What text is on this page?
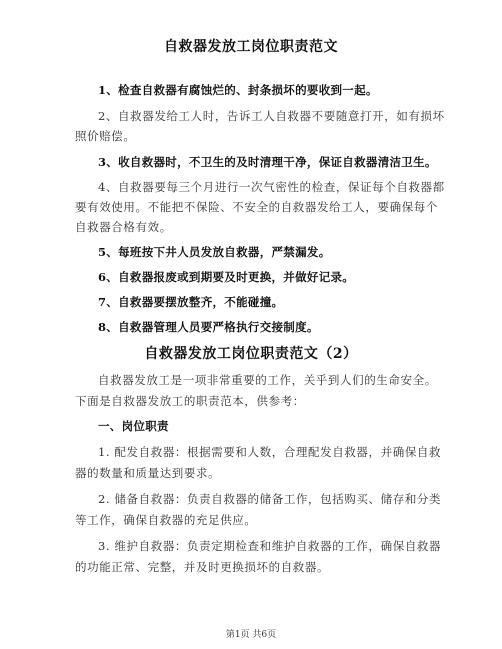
自救器发放工岗位职责范文
1、检查自救器有腐蚀烂的、封条损坏的要收到一起。
2、自救器发给工人时，告诉工人自救器不要随意打开，如有损坏
照价赔偿。
3、收自救器时，不卫生的及时清理干净，保证自救器清洁卫生。
4、自救器要每三个月进行一次气密性的检查，保证每个自救器都
要有效使用。不能把不保险、不安全的自救器发给工人，要确保每个
自救器合格有效。
5、每班按下井人员发放自救器，严禁漏发。
6、自救器报废或到期要及时更换，并做好记录。
7、自救器要摆放整齐，不能碰撞。
8、自救器管理人员要严格执行交接制度。
自救器发放工岗位职责范文（2）
自救器发放工是一项非常重要的工作，关乎到人们的生命安全。
下面是自救器发放工的职责范本，供参考：
一、岗位职责
1. 配发自救器：根据需要和人数，合理配发自救器，并确保自救
器的数量和质量达到要求。
2. 储备自救器：负责自救器的储备工作，包括购买、储存和分类
等工作，确保自救器的充足供应。
3. 维护自救器：负责定期检查和维护自救器的工作，确保自救器
的功能正常、完整，并及时更换损坏的自救器。
第1页 共6页
